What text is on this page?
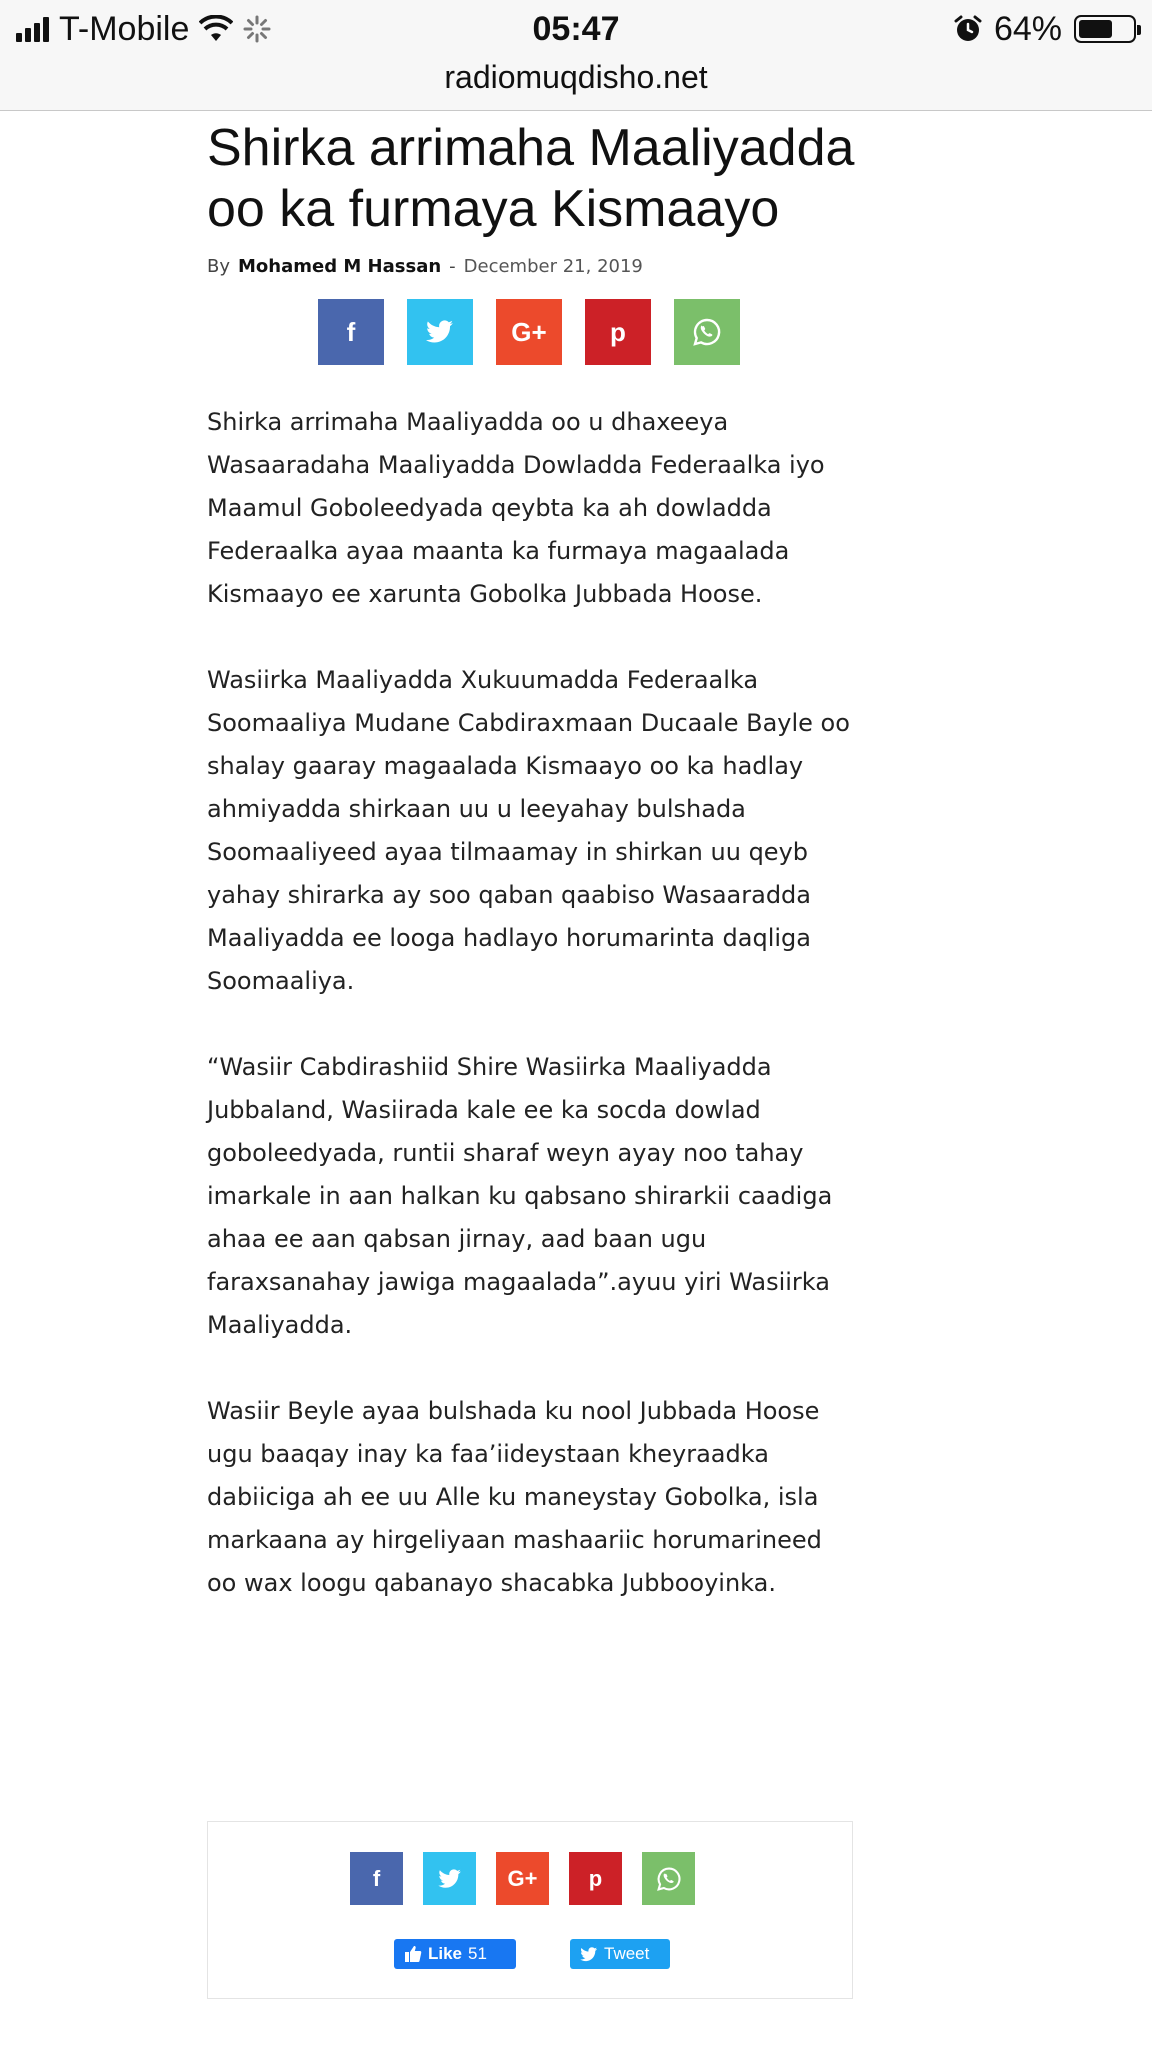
T-Mobile	05:47	64%
radiomuqdisho.net
Shirka arrimaha Maaliyadda oo ka furmaya Kismaayo
By Mohamed M Hassan - December 21, 2019
f	G+ p

Shirka arrimaha Maaliyadda oo u dhaxeeya Wasaaradaha Maaliyadda Dowladda Federaalka iyo Maamul Goboleedyada qeybta ka ah dowladda Federaalka ayaa maanta ka furmaya magaalada Kismaayo ee xarunta Gobolka Jubbada Hoose.

Wasiirka Maaliyadda Xukuumadda Federaalka Soomaaliya Mudane Cabdiraxmaan Ducaale Bayle oo shalay gaaray magaalada Kismaayo oo ka hadlay ahmiyadda shirkaan uu u leeyahay bulshada Soomaaliyeed ayaa tilmaamay in shirkan uu qeyb yahay shirarka ay soo qaban qaabiso Wasaaradda Maaliyadda ee looga hadlayo horumarinta daqliga Soomaaliya.

“Wasiir Cabdirashiid Shire Wasiirka Maaliyadda Jubbaland, Wasiirada kale ee ka socda dowlad goboleedyada, runtii sharaf weyn ayay noo tahay imarkale in aan halkan ku qabsano shirarkii caadiga ahaa ee aan qabsan jirnay, aad baan ugu faraxsanahay jawiga magaalada”.ayuu yiri Wasiirka Maaliyadda.

Wasiir Beyle ayaa bulshada ku nool Jubbada Hoose ugu baaqay inay ka faa’iideystaan kheyraadka dabiiciga ah ee uu Alle ku maneystay Gobolka, isla markaana ay hirgeliyaan mashaariic horumarineed oo wax loogu qabanayo shacabka Jubbooyinka.

f	G+ p
Like 51	Tweet
